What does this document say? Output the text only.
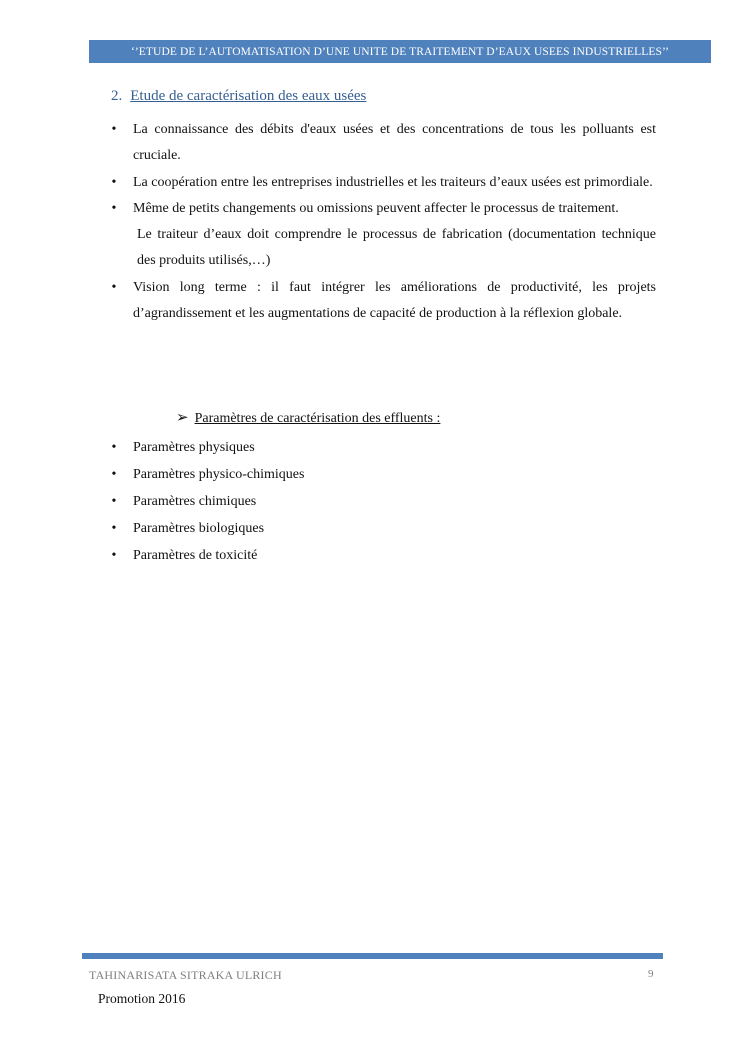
‘’ETUDE DE L’AUTOMATISATION D’UNE UNITE DE TRAITEMENT D’EAUX USEES INDUSTRIELLES’’
2. Etude de caractérisation des eaux usées
• La connaissance des débits d'eaux usées et des concentrations de tous les polluants est cruciale.
• La coopération entre les entreprises industrielles et les traiteurs d’eaux usées est primordiale.
• Même de petits changements ou omissions peuvent affecter le processus de traitement.
Le traiteur d’eaux doit comprendre le processus de fabrication (documentation technique des produits utilisés,…)
• Vision long terme : il faut intégrer les améliorations de productivité, les projets d’agrandissement et les augmentations de capacité de production à la réflexion globale.
➢ Paramètres de caractérisation des effluents :
• Paramètres physiques
• Paramètres physico-chimiques
• Paramètres chimiques
• Paramètres biologiques
• Paramètres de toxicité
TAHINARISATA SITRAKA ULRICH	9
Promotion 2016
